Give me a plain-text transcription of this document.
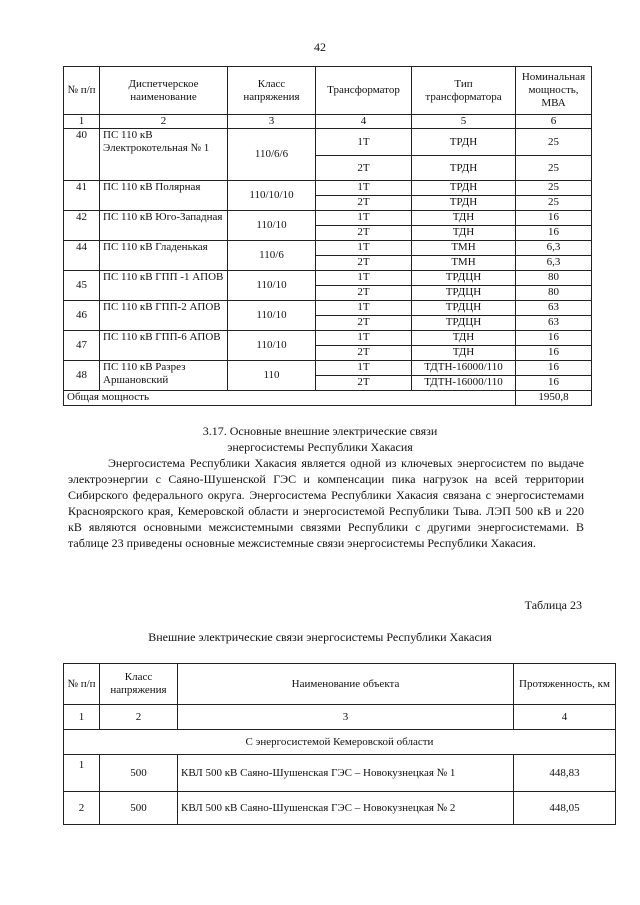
42
№ п/п	Диспетчерское наименование	Класс напряжения	Трансформатор	Тип трансформатора	Номинальная мощность, МВА
1	2	3	4	5	6
40	ПС 110 кВ Электрокотельная № 1	110/6/6	1Т	ТРДН	25
			2Т	ТРДН	25
41	ПС 110 кВ Полярная	110/10/10	1Т	ТРДН	25
			2Т	ТРДН	25
42	ПС 110 кВ Юго-Западная	110/10	1Т	ТДН	16
			2Т	ТДН	16
44	ПС 110 кВ Гладенькая	110/6	1Т	ТМН	6,3
			2Т	ТМН	6,3
45	ПС 110 кВ ГПП -1 АПОВ	110/10	1Т	ТРДЦН	80
			2Т	ТРДЦН	80
46	ПС 110 кВ ГПП-2 АПОВ	110/10	1Т	ТРДЦН	63
			2Т	ТРДЦН	63
47	ПС 110 кВ ГПП-6 АПОВ	110/10	1Т	ТДН	16
			2Т	ТДН	16
48	ПС 110 кВ Разрез Аршановский	110	1Т	ТДТН-16000/110	16
			2Т	ТДТН-16000/110	16
Общая мощность					1950,8
3.17. Основные внешние электрические связи
энергосистемы Республики Хакасия

Энергосистема Республики Хакасия является одной из ключевых энергосистем по выдаче электроэнергии с Саяно-Шушенской ГЭС и компенсации пика нагрузок на всей территории Сибирского федерального округа. Энергосистема Республики Хакасия связана с энергосистемами Красноярского края, Кемеровской области и энергосистемой Республики Тыва. ЛЭП 500 кВ и 220 кВ являются основными межсистемными связями Республики с другими энергосистемами. В таблице 23 приведены основные межсистемные связи энергосистемы Республики Хакасия.

Таблица 23
Внешние электрические связи энергосистемы Республики Хакасия
№ п/п	Класс напряжения	Наименование объекта	Протяженность, км
1	2	3	4
С энергосистемой Кемеровской области			
1	500	КВЛ 500 кВ Саяно-Шушенская ГЭС – Новокузнецкая № 1	448,83
2	500	КВЛ 500 кВ Саяно-Шушенская ГЭС – Новокузнецкая № 2	448,05
